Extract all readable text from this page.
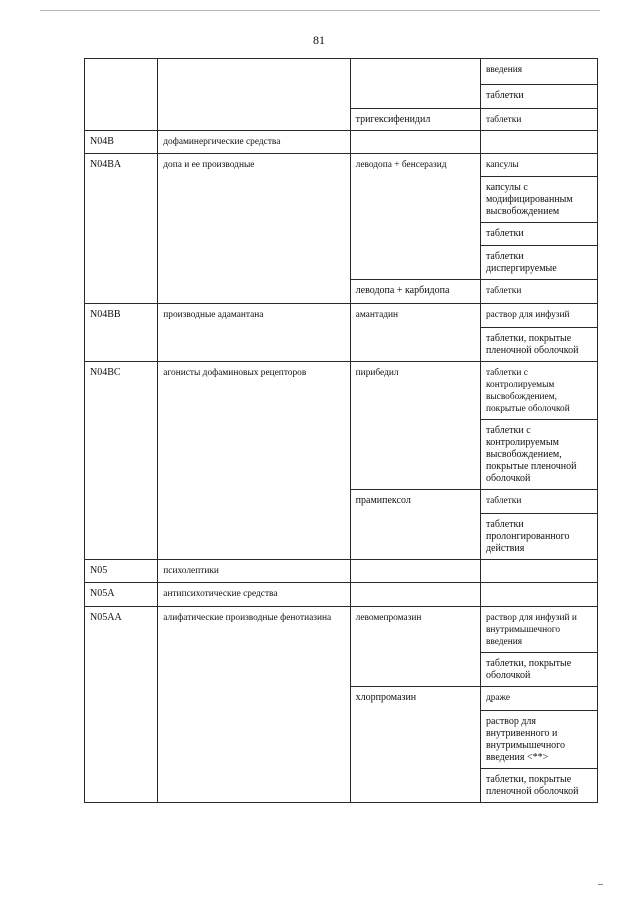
81
			введения
			таблетки
		тригексифенидил	таблетки
N04B	дофаминергические средства		
N04BA	допа и ее производные	леводопа + бенсеразид	капсулы
			капсулы с модифицированным высвобождением
			таблетки
			таблетки диспергируемые
		леводопа + карбидопа	таблетки
N04BB	производные адамантана	амантадин	раствор для инфузий
			таблетки, покрытые пленочной оболочкой
N04BC	агонисты дофаминовых рецепторов	пирибедил	таблетки с контролируемым высвобождением, покрытые оболочкой
			таблетки с контролируемым высвобождением, покрытые пленочной оболочкой
		прамипексол	таблетки
			таблетки пролонгированного действия
N05	психолептики		
N05A	антипсихотические средства		
N05AA	алифатические производные фенотиазина	левомепромазин	раствор для инфузий и внутримышечного введения
			таблетки, покрытые оболочкой
		хлорпромазин	драже
			раствор для внутривенного и внутримышечного введения <**>
			таблетки, покрытые пленочной оболочкой
